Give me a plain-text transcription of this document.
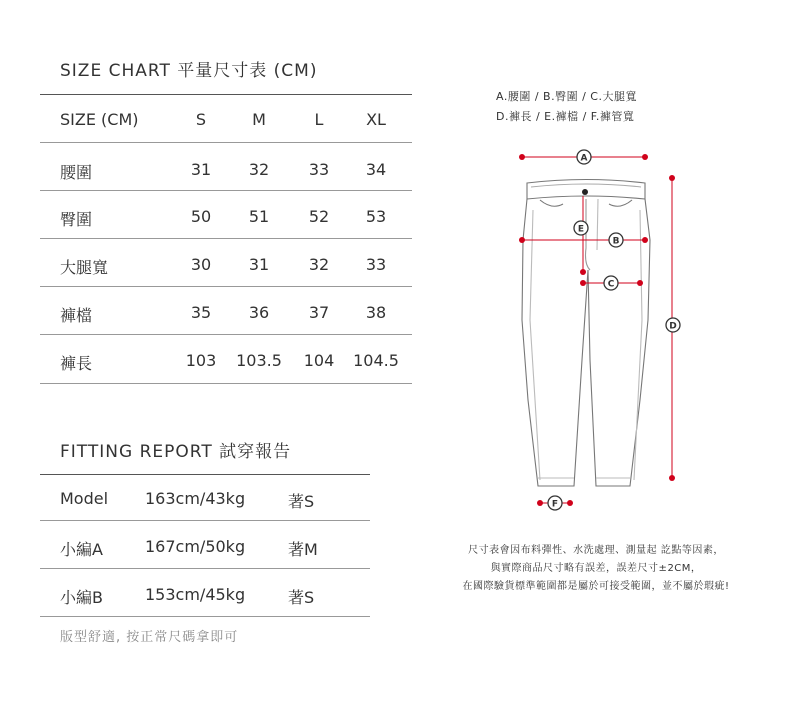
SIZE CHART 平量尺寸表 (CM)
SIZE (CM)	S	M	L	XL
腰圍	31	32	33	34
臀圍	50	51	52	53
大腿寬	30	31	32	33
褲檔	35	36	37	38
褲長	103	103.5	104	104.5
FITTING REPORT 試穿報告
Model 163cm/43kg	著S
小編A	167cm/50kg	著M
小編B	153cm/45kg	著S
版型舒適, 按正常尺碼拿即可
A.腰圍 / B.臀圍 / C.大腿寬
D.褲長 / E.褲檔 / F.褲管寬
A
E
B
C
D
F
尺寸表會因布料彈性、水洗處理、測量起 訖點等因素，
與實際商品尺寸略有誤差，誤差尺寸±2CM，
在國際驗貨標準範圍都是屬於可接受範圍，並不屬於瑕疵!
